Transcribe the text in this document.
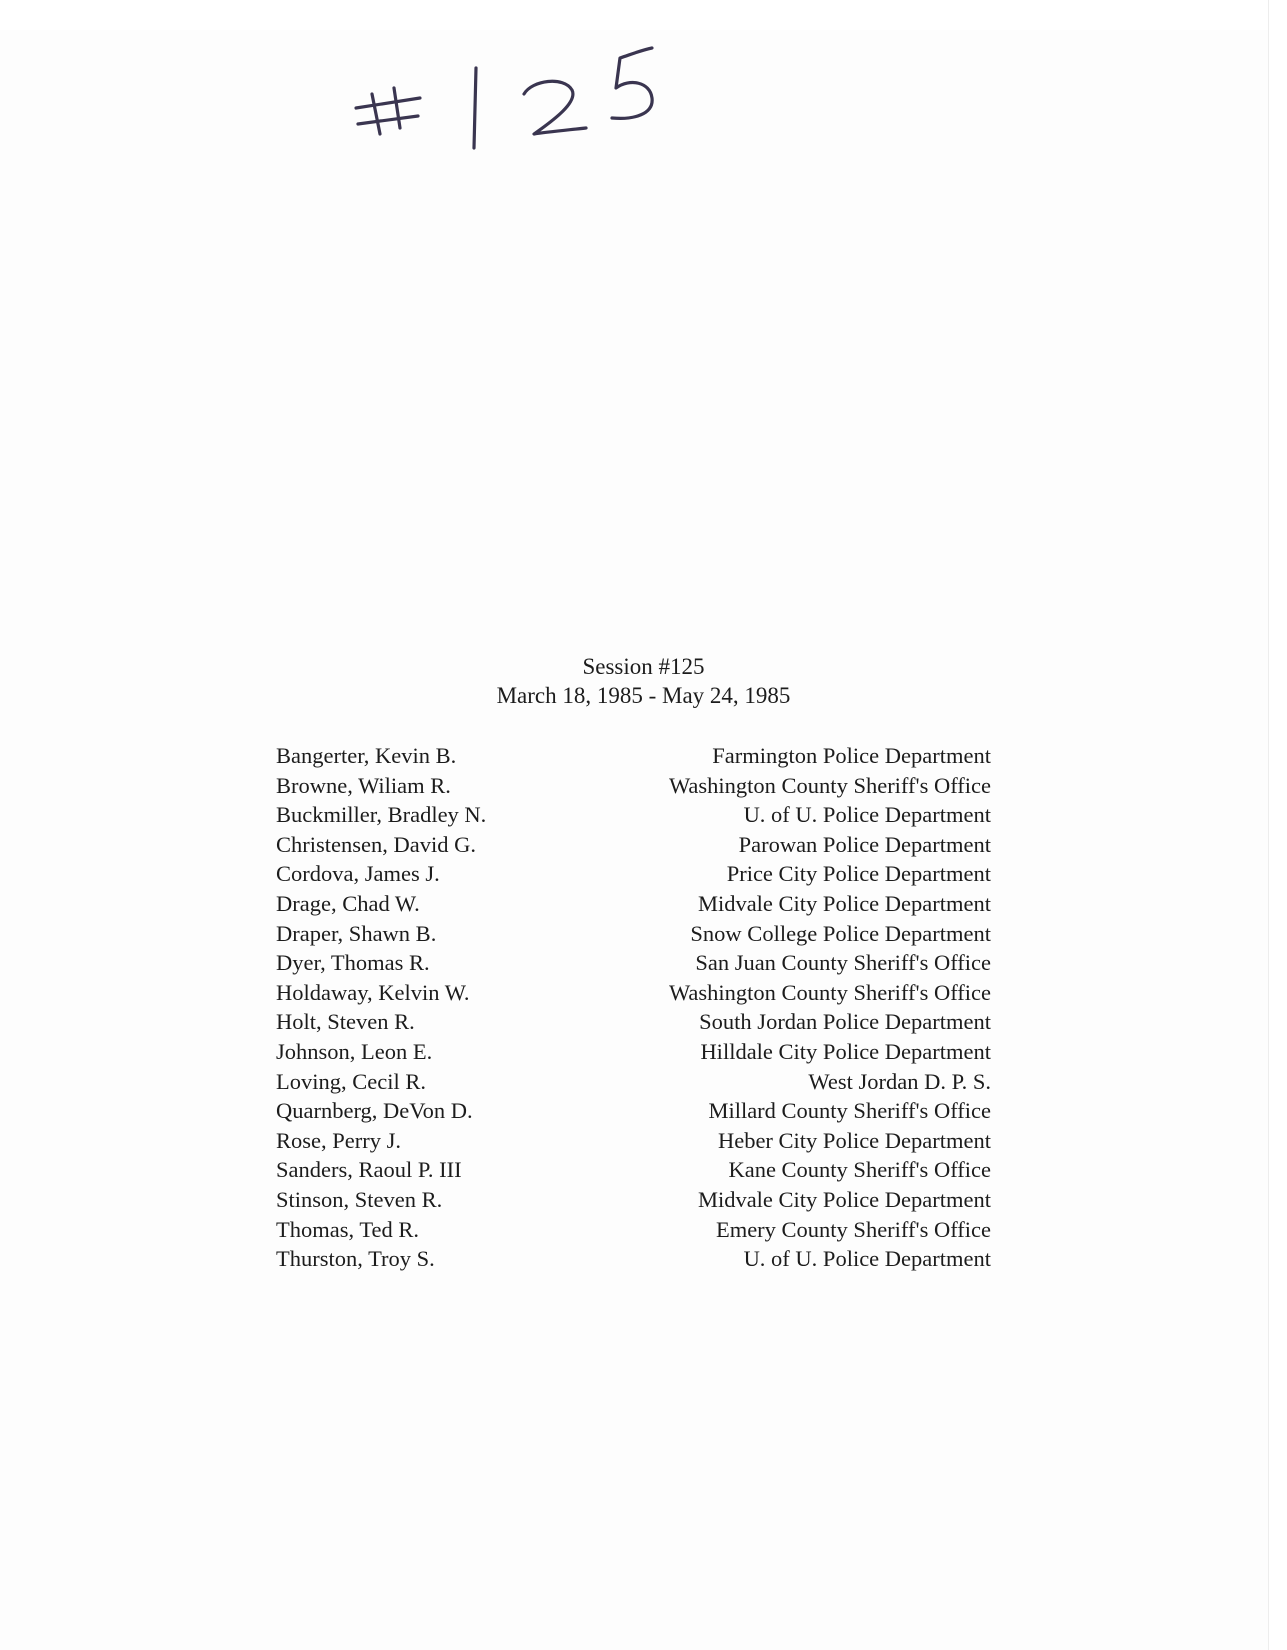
Session #125
March 18, 1985 - May 24, 1985
Bangerter, Kevin B.	Farmington Police Department
Browne, Wiliam R.	Washington County Sheriff's Office
Buckmiller, Bradley N.	U. of U. Police Department
Christensen, David G.	Parowan Police Department
Cordova, James J.	Price City Police Department
Drage, Chad W.	Midvale City Police Department
Draper, Shawn B.	Snow College Police Department
Dyer, Thomas R.	San Juan County Sheriff's Office
Holdaway, Kelvin W.	Washington County Sheriff's Office
Holt, Steven R.	South Jordan Police Department
Johnson, Leon E.	Hilldale City Police Department
Loving, Cecil R.	West Jordan D. P. S.
Quarnberg, DeVon D.	Millard County Sheriff's Office
Rose, Perry J.	Heber City Police Department
Sanders, Raoul P. III	Kane County Sheriff's Office
Stinson, Steven R.	Midvale City Police Department
Thomas, Ted R.	Emery County Sheriff's Office
Thurston, Troy S.	U. of U. Police Department
